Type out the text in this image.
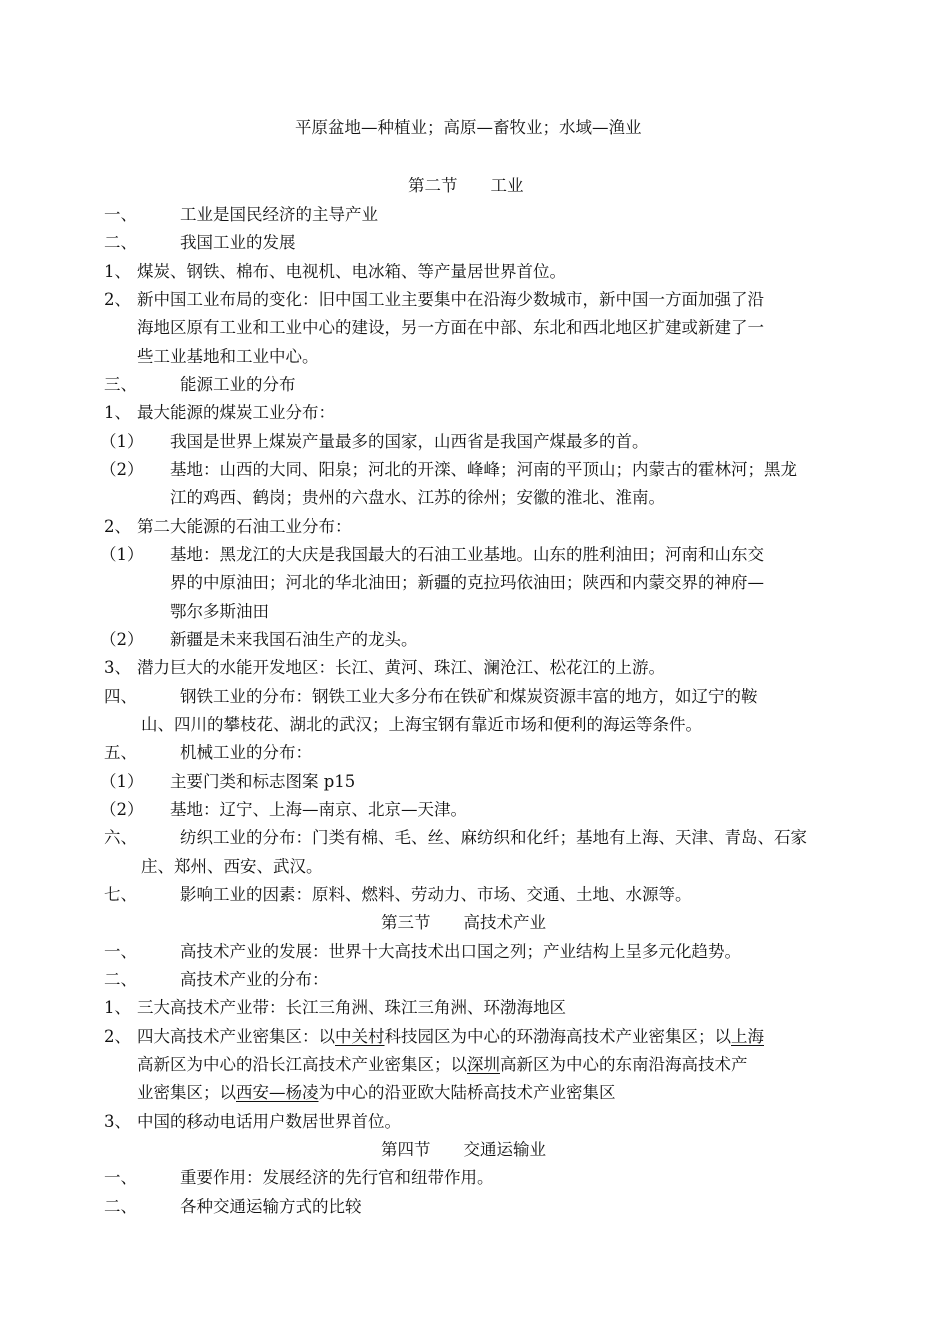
平原盆地—种植业；高原—畜牧业；水域—渔业
第二节　　工业
一、	工业是国民经济的主导产业
二、	我国工业的发展
1、 煤炭、钢铁、棉布、电视机、电冰箱、等产量居世界首位。
2、 新中国工业布局的变化：旧中国工业主要集中在沿海少数城市，新中国一方面加强了沿
海地区原有工业和工业中心的建设，另一方面在中部、东北和西北地区扩建或新建了一
些工业基地和工业中心。
三、	能源工业的分布
1、 最大能源的煤炭工业分布：
（1） 我国是世界上煤炭产量最多的国家，山西省是我国产煤最多的首。
（2） 基地：山西的大同、阳泉；河北的开滦、峰峰；河南的平顶山；内蒙古的霍林河；黑龙
江的鸡西、鹤岗；贵州的六盘水、江苏的徐州；安徽的淮北、淮南。
2、 第二大能源的石油工业分布：
（1） 基地：黑龙江的大庆是我国最大的石油工业基地。山东的胜利油田；河南和山东交
界的中原油田；河北的华北油田；新疆的克拉玛依油田；陕西和内蒙交界的神府—
鄂尔多斯油田
（2） 新疆是未来我国石油生产的龙头。
3、 潜力巨大的水能开发地区：长江、黄河、珠江、澜沧江、松花江的上游。
四、	钢铁工业的分布：钢铁工业大多分布在铁矿和煤炭资源丰富的地方，如辽宁的鞍
山、四川的攀枝花、湖北的武汉；上海宝钢有靠近市场和便利的海运等条件。
五、	机械工业的分布：
（1） 主要门类和标志图案 p15
（2） 基地：辽宁、上海—南京、北京—天津。
六、	纺织工业的分布：门类有棉、毛、丝、麻纺织和化纤；基地有上海、天津、青岛、石家
庄、郑州、西安、武汉。
七、	影响工业的因素：原料、燃料、劳动力、市场、交通、土地、水源等。
第三节　　高技术产业
一、	高技术产业的发展：世界十大高技术出口国之列；产业结构上呈多元化趋势。
二、	高技术产业的分布：
1、 三大高技术产业带：长江三角洲、珠江三角洲、环渤海地区
2、 四大高技术产业密集区：以中关村科技园区为中心的环渤海高技术产业密集区；以上海
高新区为中心的沿长江高技术产业密集区；以深圳高新区为中心的东南沿海高技术产
业密集区；以西安—杨凌为中心的沿亚欧大陆桥高技术产业密集区
3、 中国的移动电话用户数居世界首位。
第四节　　交通运输业
一、	重要作用：发展经济的先行官和纽带作用。
二、	各种交通运输方式的比较
